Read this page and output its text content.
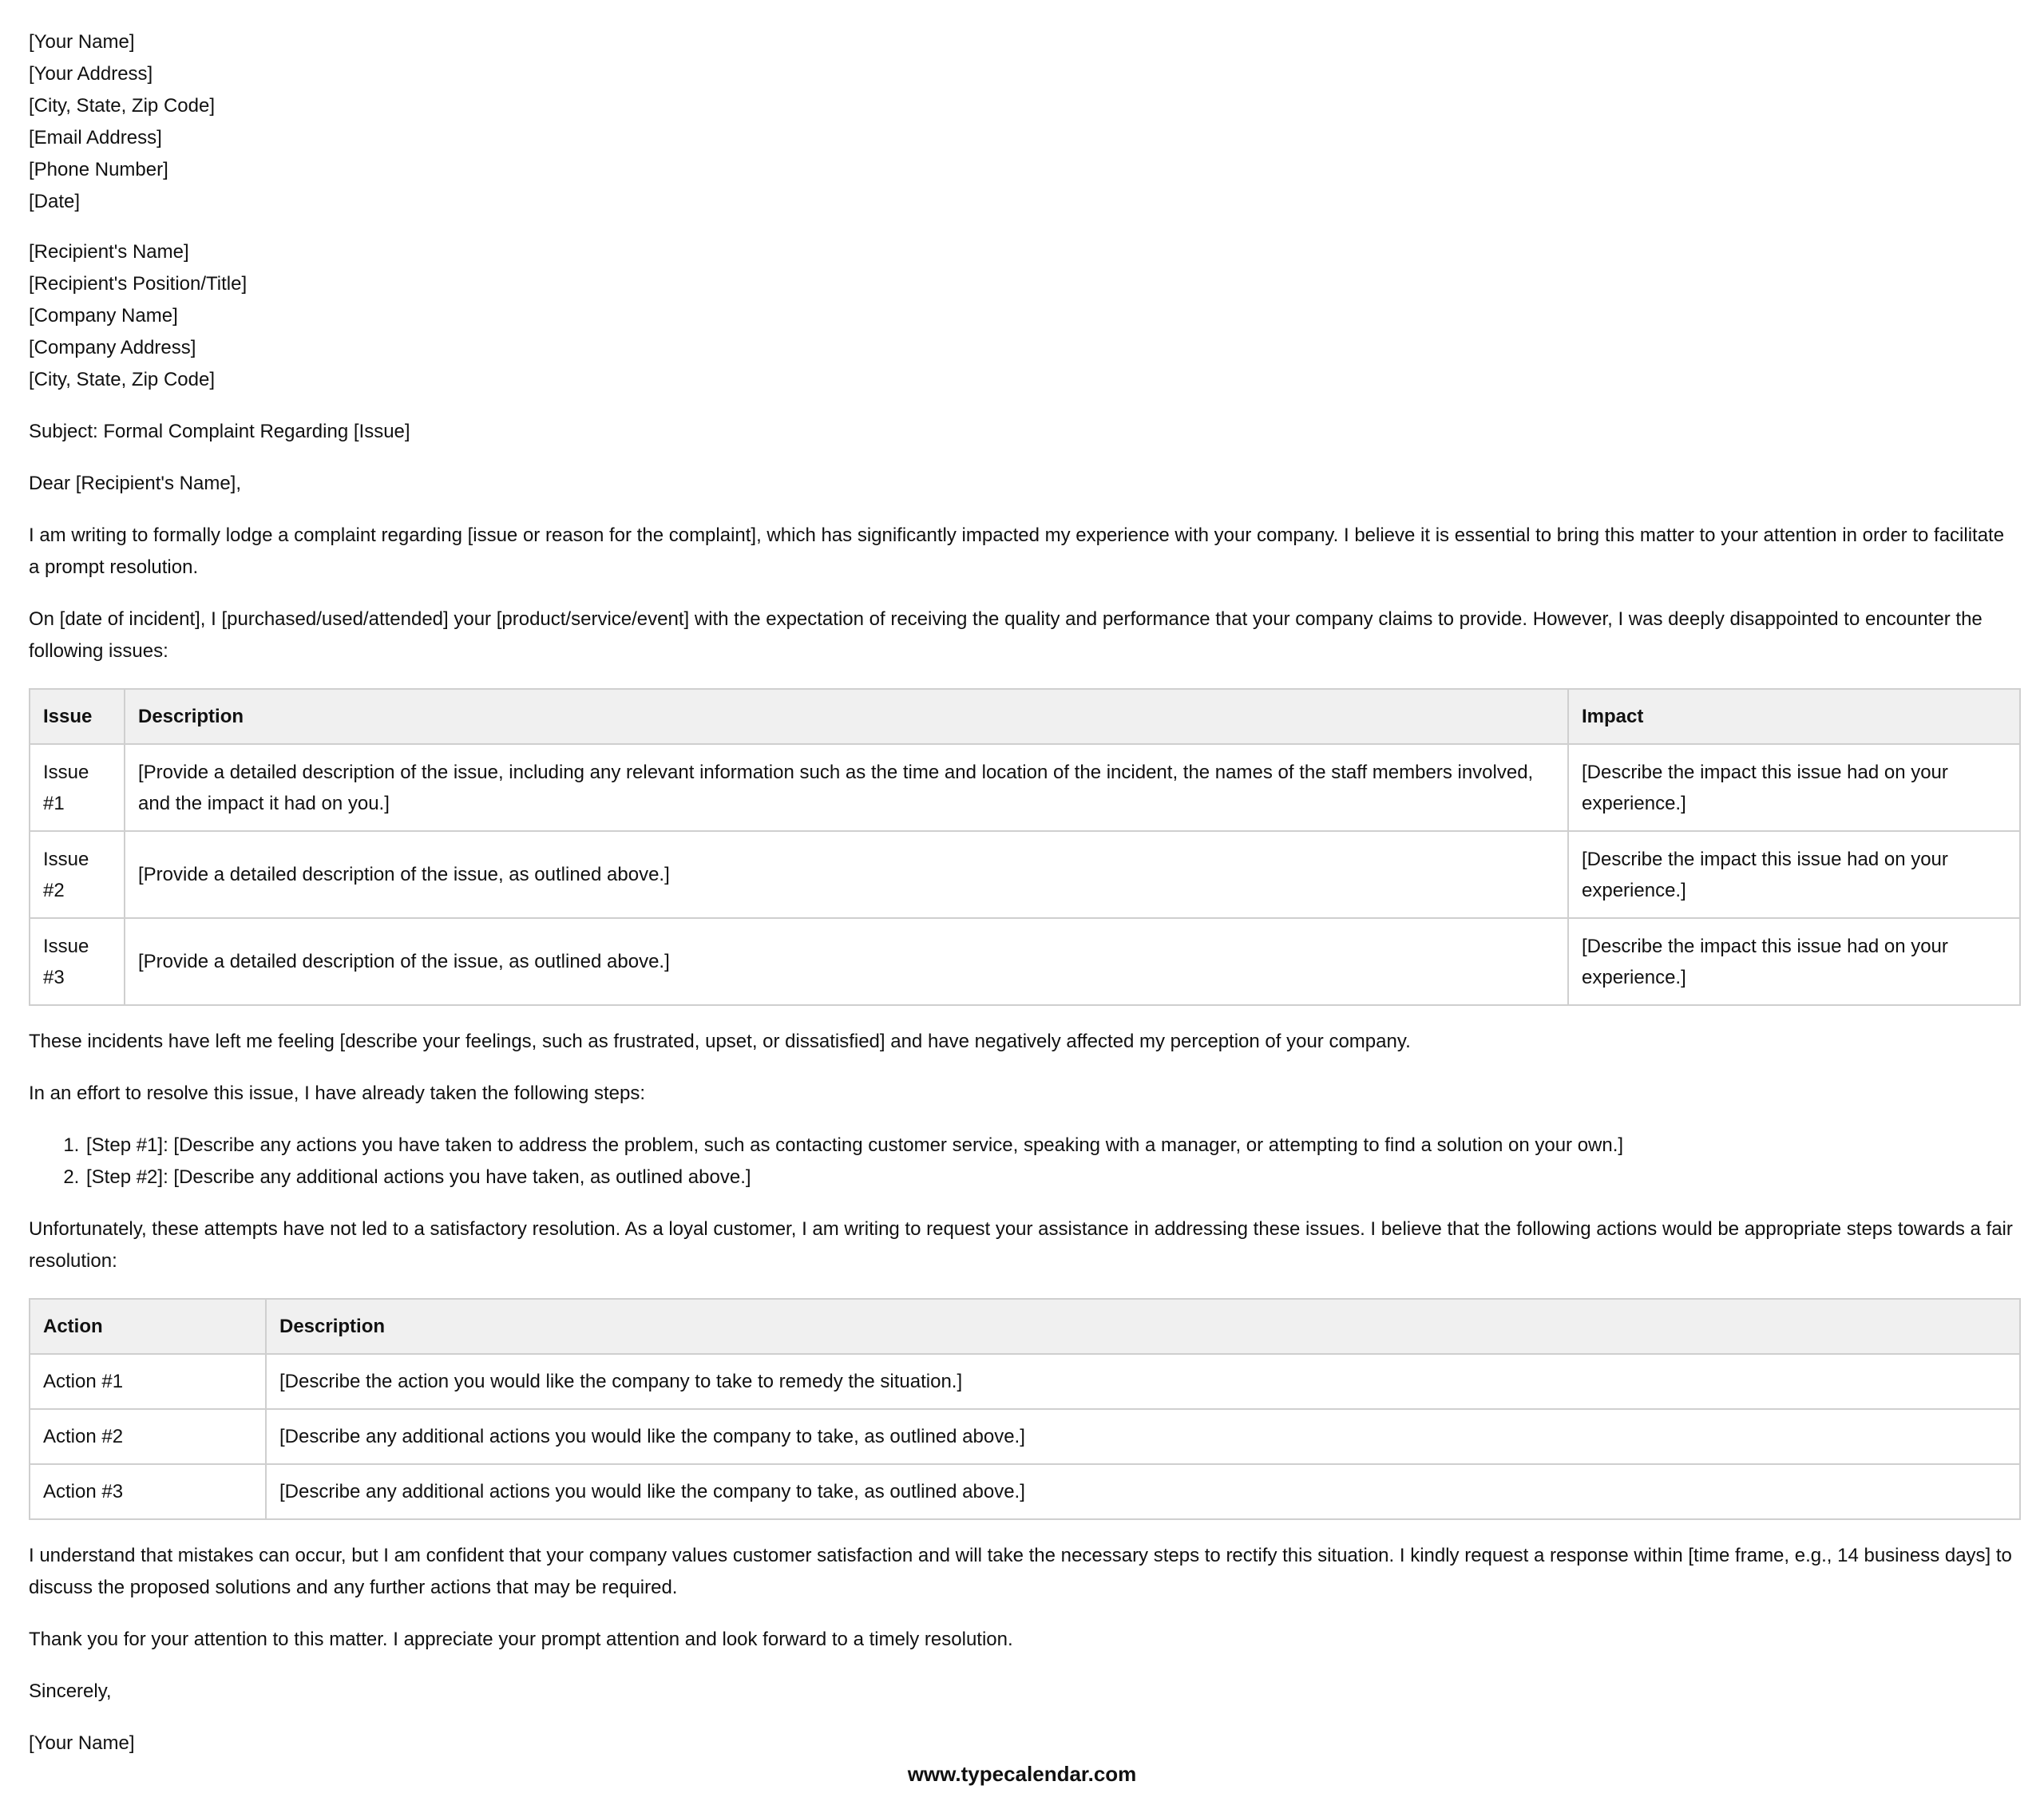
[Your Name]
[Your Address]
[City, State, Zip Code]
[Email Address]
[Phone Number]
[Date]
[Recipient's Name]
[Recipient's Position/Title]
[Company Name]
[Company Address]
[City, State, Zip Code]

Subject: Formal Complaint Regarding [Issue]

Dear [Recipient's Name],

I am writing to formally lodge a complaint regarding [issue or reason for the complaint], which has significantly impacted my experience with your company. I believe it is essential to bring this matter to your attention in order to facilitate a prompt resolution.

On [date of incident], I [purchased/used/attended] your [product/service/event] with the expectation of receiving the quality and performance that your company claims to provide. However, I was deeply disappointed to encounter the following issues:

Issue	Description	Impact
Issue #1	[Provide a detailed description of the issue, including any relevant information such as the time and location of the incident, the names of the staff members involved, and the impact it had on you.]	[Describe the impact this issue had on your experience.]
Issue #2	[Provide a detailed description of the issue, as outlined above.]	[Describe the impact this issue had on your experience.]
Issue #3	[Provide a detailed description of the issue, as outlined above.]	[Describe the impact this issue had on your experience.]

These incidents have left me feeling [describe your feelings, such as frustrated, upset, or dissatisfied] and have negatively affected my perception of your company.

In an effort to resolve this issue, I have already taken the following steps:

1. [Step #1]: [Describe any actions you have taken to address the problem, such as contacting customer service, speaking with a manager, or attempting to find a solution on your own.]
2. [Step #2]: [Describe any additional actions you have taken, as outlined above.]

Unfortunately, these attempts have not led to a satisfactory resolution. As a loyal customer, I am writing to request your assistance in addressing these issues. I believe that the following actions would be appropriate steps towards a fair resolution:

Action	Description
Action #1	[Describe the action you would like the company to take to remedy the situation.]
Action #2	[Describe any additional actions you would like the company to take, as outlined above.]
Action #3	[Describe any additional actions you would like the company to take, as outlined above.]

I understand that mistakes can occur, but I am confident that your company values customer satisfaction and will take the necessary steps to rectify this situation. I kindly request a response within [time frame, e.g., 14 business days] to discuss the proposed solutions and any further actions that may be required.

Thank you for your attention to this matter. I appreciate your prompt attention and look forward to a timely resolution.

Sincerely,

[Your Name]

www.typecalendar.com
